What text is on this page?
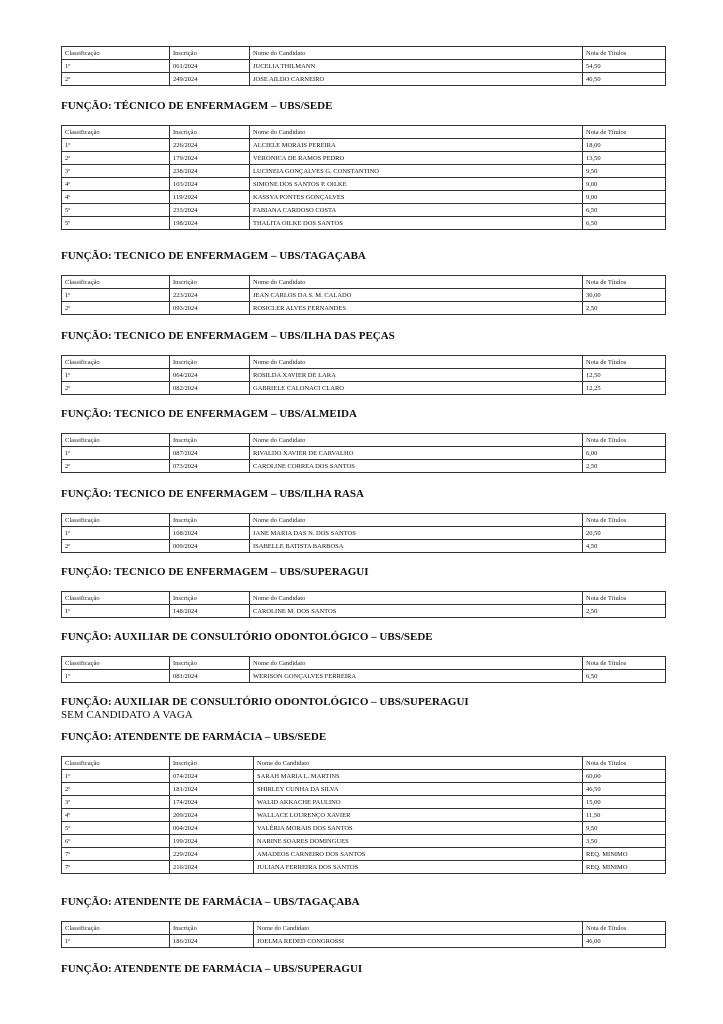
Classificação	Inscrição	Nome do Candidato	Nota de Títulos
1º	061/2024	JUCELIA THILMANN	54,50
2º	249/2024	JOSE AILDO CARNEIRO	40,50
FUNÇÃO: TÉCNICO DE ENFERMAGEM – UBS/SEDE
Classificação	Inscrição	Nome do Candidato	Nota de Títulos
1º	226/2024	ALCIELE MORAIS PEREIRA	18,00
2º	179/2024	VERONICA DE RAMOS PEDRO	13,50
3º	238/2024	LUCINEIA GONÇALVES G. CONSTANTINO	9,50
4º	103/2024	SIMONE DOS SANTOS P. OILKE	9,00
4º	119/2024	KASSYA PONTES GONÇALVES	9,00
5º	233/2024	FABIANA CARDOSO COSTA	6,50
5º	198/2024	THALITA OILKE DOS SANTOS	6,50
FUNÇÃO: TECNICO DE ENFERMAGEM – UBS/TAGAÇABA
Classificação	Inscrição	Nome do Candidato	Nota de Títulos
1º	223/2024	JEAN CARLOS DA S. M. CALADO	30,00
2º	093/2024	ROSICLER ALVES FERNANDES	2,50
FUNÇÃO: TECNICO DE ENFERMAGEM – UBS/ILHA DAS PEÇAS
Classificação	Inscrição	Nome do Candidato	Nota de Títulos
1º	064/2024	ROSILDA XAVIER DE LARA	12,50
2º	082/2024	GABRIELE CALONACI CLARO	12,25
FUNÇÃO: TECNICO DE ENFERMAGEM – UBS/ALMEIDA
Classificação	Inscrição	Nome do Candidato	Nota de Títulos
1º	087/2024	RIVALDO XAVIER DE CARVALHO	6,00
2º	073/2024	CAROLINE CORREA DOS SANTOS	2,50
FUNÇÃO: TECNICO DE ENFERMAGEM – UBS/ILHA RASA
Classificação	Inscrição	Nome do Candidato	Nota de Títulos
1º	108/2024	JANE MARIA DAS N. DOS SANTOS	20,50
2º	009/2024	ISABELLE BATISTA BARBOSA	4,50
FUNÇÃO: TECNICO DE ENFERMAGEM – UBS/SUPERAGUI
Classificação	Inscrição	Nome do Candidato	Nota de Títulos
1º	148/2024	CAROLINE M. DOS SANTOS	2,50
FUNÇÃO: AUXILIAR DE CONSULTÓRIO ODONTOLÓGICO – UBS/SEDE
Classificação	Inscrição	Nome do Candidato	Nota de Títulos
1º	081/2024	WERISON GONÇALVES FERREIRA	6,50
FUNÇÃO: AUXILIAR DE CONSULTÓRIO ODONTOLÓGICO – UBS/SUPERAGUI
SEM CANDIDATO A VAGA
FUNÇÃO: ATENDENTE DE FARMÁCIA – UBS/SEDE
Classificação	Inscrição	Nome do Candidato	Nota de Títulos
1º	074/2024	SARAH MARIA L. MARTINS	60,00
2º	181/2024	SHIRLEY CUNHA DA SILVA	46,50
3º	174/2024	WALID AKKACHE PAULINO	15,00
4º	209/2024	WALLACE LOURENÇO XAVIER	11,50
5º	004/2024	VALÉRIA MORAIS DOS SANTOS	9,50
6º	199/2024	NARINE SOARES DOMINGUES	3,50
7º	229/2024	AMADEOS CARNEIRO DOS SANTOS	REQ. MINIMO
7º	216/2024	JULIANA FERREIRA DOS SANTOS	REQ. MINIMO
FUNÇÃO: ATENDENTE DE FARMÁCIA – UBS/TAGAÇABA
Classificação	Inscrição	Nome do Candidato	Nota de Títulos
1º	186/2024	JOELMA REDED CONGROSSI	46,00
FUNÇÃO: ATENDENTE DE FARMÁCIA – UBS/SUPERAGUI
